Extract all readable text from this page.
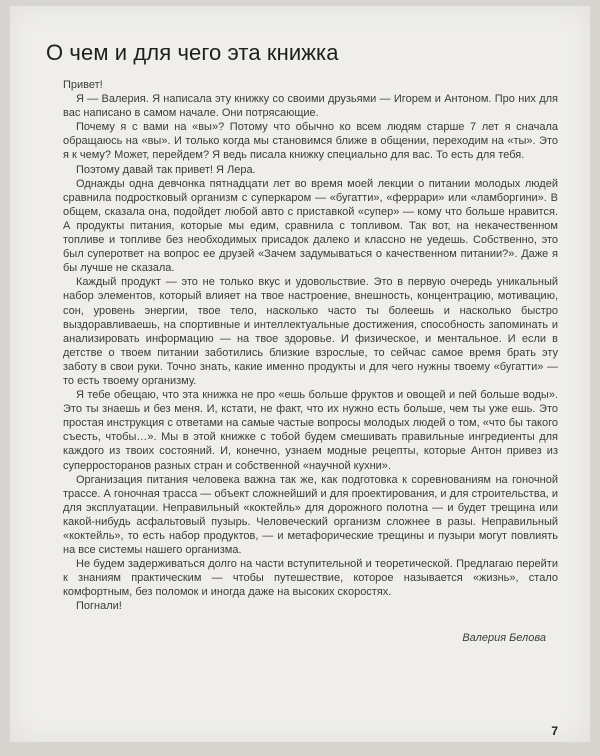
О чем и для чего эта книжка

Привет!

Я — Валерия. Я написала эту книжку со своими друзьями — Игорем и Антоном. Про них для вас написано в самом начале. Они потрясающие.

Почему я с вами на «вы»? Потому что обычно ко всем людям старше 7 лет я сначала обращаюсь на «вы». И только когда мы становимся ближе в общении, переходим на «ты». Это я к чему? Может, перейдем? Я ведь писала книжку специально для вас. То есть для тебя.

Поэтому давай так привет! Я Лера.

Однажды одна девчонка пятнадцати лет во время моей лекции о питании молодых людей сравнила подростковый организм с суперкаром — «бугатти», «феррари» или «ламборгини». В общем, сказала она, подойдет любой авто с приставкой «супер» — кому что больше нравится. А продукты питания, которые мы едим, сравнила с топливом. Так вот, на некачественном топливе и топливе без необходимых присадок далеко и классно не уедешь. Собственно, это был суперответ на вопрос ее друзей «Зачем задумываться о качественном питании?». Даже я бы лучше не сказала.

Каждый продукт — это не только вкус и удовольствие. Это в первую очередь уникальный набор элементов, который влияет на твое настроение, внешность, концентрацию, мотивацию, сон, уровень энергии, твое тело, насколько часто ты болеешь и насколько быстро выздоравливаешь, на спортивные и интеллектуальные достижения, способность запоминать и анализировать информацию — на твое здоровье. И физическое, и ментальное. И если в детстве о твоем питании заботились близкие взрослые, то сейчас самое время брать эту заботу в свои руки. Точно знать, какие именно продукты и для чего нужны твоему «бугатти» — то есть твоему организму.

Я тебе обещаю, что эта книжка не про «ешь больше фруктов и овощей и пей больше воды». Это ты знаешь и без меня. И, кстати, не факт, что их нужно есть больше, чем ты уже ешь. Это простая инструкция с ответами на самые частые вопросы молодых людей о том, «что бы такого съесть, чтобы…». Мы в этой книжке с тобой будем смешивать правильные ингредиенты для каждого из твоих состояний. И, конечно, узнаем модные рецепты, которые Антон привез из суперросторанов разных стран и собственной «научной кухни».

Организация питания человека важна так же, как подготовка к соревнованиям на гоночной трассе. А гоночная трасса — объект сложнейший и для проектирования, и для строительства, и для эксплуатации. Неправильный «коктейль» для дорожного полотна — и будет трещина или какой-нибудь асфальтовый пузырь. Человеческий организм сложнее в разы. Неправильный «коктейль», то есть набор продуктов, — и метафорические трещины и пузыри могут повлиять на все системы нашего организма.

Не будем задерживаться долго на части вступительной и теоретической. Предлагаю перейти к знаниям практическим — чтобы путешествие, которое называется «жизнь», стало комфортным, без поломок и иногда даже на высоких скоростях.

Погнали!

Валерия Белова
7
